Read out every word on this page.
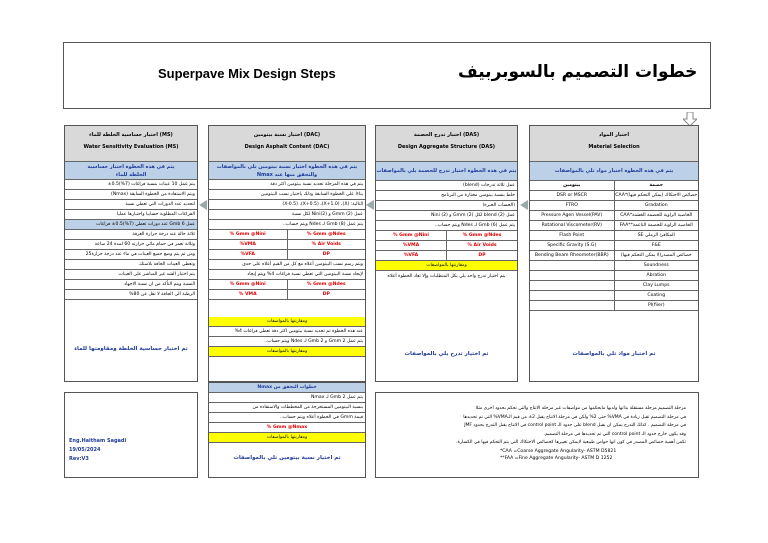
Superpave Mix Design Steps	خطوات التصميم بالسوبربيف
اختبار المواد
Material Selection
يتم في هذه الخطوة اختبار مواد تلي بالمواصفات
بيتومين	حصمة
DSR or MSCR	خصائص الاحتكاك (يمكن التحكم فيها)*CAA
FTRO	Gradation
Pressure Agen Vessel(PAV)	الخاصية الزاوية للحصمة الخشنة*CAA
Rotational Viscometer(RV)	الخاصية الزاوية للحصمة الناعمة**FAA
Flash Point	المكافئ الرملي SE
Specific Gravity (S.G)	F&E
Bending Beam Rheometer(BBR)	خصائص المصدر(لا يمكن التحكم فيها)
Soundness
Abration
Clay Lumps
Coating
PI(fiier)
تم اختبار مواد تلي بالمواصفات
اختبار تدرج الحصمة (DAS)
Design Aggregate Structure (DAS)
يتم في هذه الخطوة اختبار تدرج للحصمة يلي بالمواصفات
عمل ثلاثة تدرجات (blend)
خلط بنسبة بيتومين مختارة من البرنامج
(الحساب الخبرة)
عمل (2) blend لكل Gmm (2) و Nini (2)
يتم عمل Gmb (6) لـ Ndes ويتم حساب..
% Gmm @Nini	% Gmm @Ndes
%VMA	% Air Voids
%VFA	DP
ومقارنتها بالمواصفات
يتم اختيار تدرج واحد يلي بكل المتطلبات وإلا تعاد الخطوة أعلاه
تم اختيار تدرج يلي بالمواصفات
اختبار نسبة بيتومين (DAC)
Design Asphalt Content (DAC)
يتم في هذه الخطوة اختيار نسبة بيتومين تلي بالمواصفات والتحقق منها عند Nmax
يتم في هذه المرحلة تحديد نسبة بيتومين اكثر دقة
بناءا على الخطوة السابقة وذلك باختيار نسب البيتومين
التالية: (X)، (X+1.0)، (X+0.5)، (X-0.5)
عمل (2) Gmm و Nini(2) لكل نسبة
يتم عمل (8) Gmb لـ Ndes ويتم حساب..
% Gmm @Nini	% Gmm @Ndes
%VMA	% Air Voids
%VFA	DP
ويتم رسم نسب البيتومين أعلاه مع كل من القيم أعلاه على حدى
لإيجاد نسبة البيتومين التي تعطي نسبة فراغات 4% ويتم إيجاد
% Gmm @Nini	% Gmm @Ndes
% VMA	DP
ومقارنتها بالمواصفات
عند هذه الخطوة تم تحديد نسبة بيتومين اكثر دقة تعطي فراغات 4%
يتم عمل Gmm 2 و Gmb 2 لـ Ndes ويتم حساب..
ومقارنتها بالمواصفات
خطوات التحقق من Nmax
يتم عمل Gmb 2 لـ Nmax
بنسبة البيتومين المستخرجة من المخططات والاستفادة من
قيمة Gmm في الخطوة أعلاه ويتم حساب..
% Gmm @Nmax
ومقارنتها بالمواصفات
تم اختيار نسبة بيتومين تلي بالمواصفات
اختبار حساسية الخلطة للماء (MS)
Water Sensitivity Evaluation (MS)
يتم في هذه الخطوة اختبار حساسية الخلطة للماء
يتم عمل 10 عينات بنسبة فراغات (7%)0.5±
ويتم الاستفادة من الخطوة السابقة (Nmax)
لتحديد عدد الدورات التي تعطي نسبة
الفراغات المطلوبة حسابيا واختبارها عمليا
عمل Gmb 6 عند دورات تعطي (7%)0.5± فراغات
ثلاثة حالة عند درجة حرارة الغرفة
وثلاثة تغمر في حمام مائي حرارته 60 لمدة 24 ساعة
ومن ثم يتم وضع جميع العينات في ماء عند درجة حرارة25
وتعطى العينات الجافة بلاستك
يتم اختبار الشد غير المباشر على العينات
النسبة ويتم التأكد من ان نسبة الاجهاد
الرطبة الى الجافة لا تقل عن 80%
تم اختبار حساسية الخلطة ومقاومتها للماء
Eng.Haitham Sagadi
19/05/2024
Rev:V3
مرحلة التصميم مرحلة مستقلة بذاتها ولديها مايحكمها من مواصفات غير مرحلة الانتاج والتي تحكم بحدود اخرى مثلا
في مرحلة التصميم تقبل زيادة في VMA% حتى 2% ولكن في مرحلة الانتاج يقبل 2± من قيم الـVMA% التي تم تحديدها
في مرحلة التصميم . كذلك التدرج يمكن ان يقبل blend على حدود الـ control point في الانتاج يقبل التدرج بحدود JMF
وقد يكون خارج حدود الـ control point التي تم تحديدها في مرحلة التصميم.
تكمن أهمية خصائص المصدر في كون انها خواص طبيعية لايمكن تغييرها كخصائص الاحتكاك التي يتم التحكم فيها في الكسارة.
*CAA =Coarse Aggregate Angularity- ASTM D5821
**FAA =Fine Aggregate Angularity- ASTM D 1252
